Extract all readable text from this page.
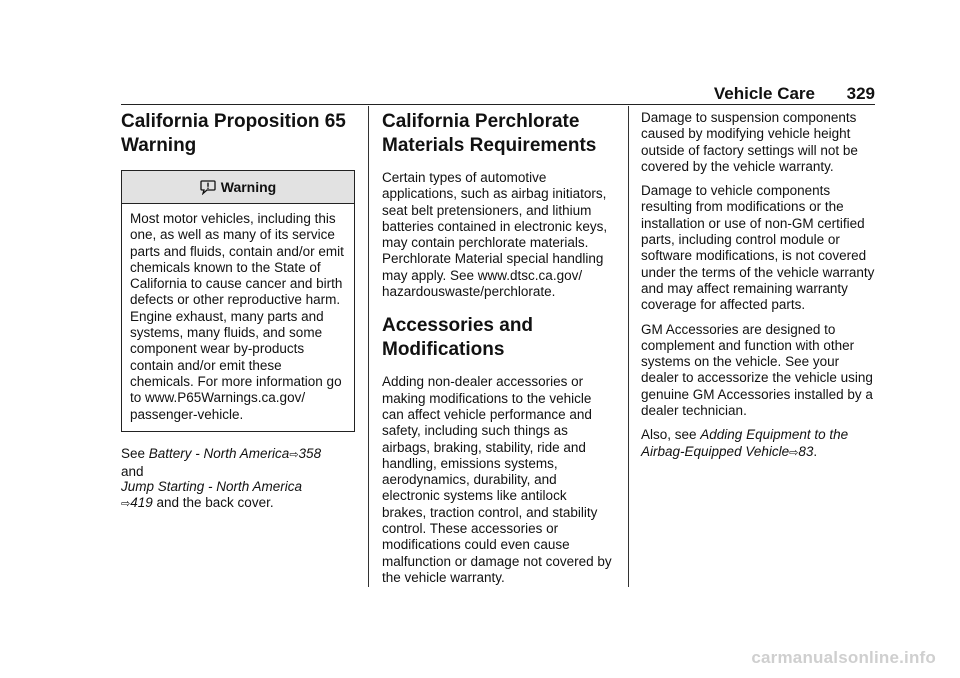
Vehicle Care 329
California Proposition 65 Warning
Warning

Most motor vehicles, including this one, as well as many of its service parts and fluids, contain and/or emit chemicals known to the State of California to cause cancer and birth defects or other reproductive harm. Engine exhaust, many parts and systems, many fluids, and some component wear by-products contain and/or emit these chemicals. For more information go to www.P65Warnings.ca.gov/ passenger-vehicle.

See Battery - North America⇨358
and
Jump Starting - North America
⇨419 and the back cover.
California Perchlorate Materials Requirements

Certain types of automotive applications, such as airbag initiators, seat belt pretensioners, and lithium batteries contained in electronic keys, may contain perchlorate materials. Perchlorate Material special handling may apply. See www.dtsc.ca.gov/ hazardouswaste/perchlorate.

Accessories and Modifications

Adding non-dealer accessories or making modifications to the vehicle can affect vehicle performance and safety, including such things as airbags, braking, stability, ride and handling, emissions systems, aerodynamics, durability, and electronic systems like antilock brakes, traction control, and stability control. These accessories or modifications could even cause malfunction or damage not covered by the vehicle warranty.

Damage to suspension components caused by modifying vehicle height outside of factory settings will not be covered by the vehicle warranty.

Damage to vehicle components resulting from modifications or the installation or use of non-GM certified parts, including control module or software modifications, is not covered under the terms of the vehicle warranty and may affect remaining warranty coverage for affected parts.

GM Accessories are designed to complement and function with other systems on the vehicle. See your dealer to accessorize the vehicle using genuine GM Accessories installed by a dealer technician.

Also, see Adding Equipment to the Airbag-Equipped Vehicle⇨83.

carmanualsonline.info
